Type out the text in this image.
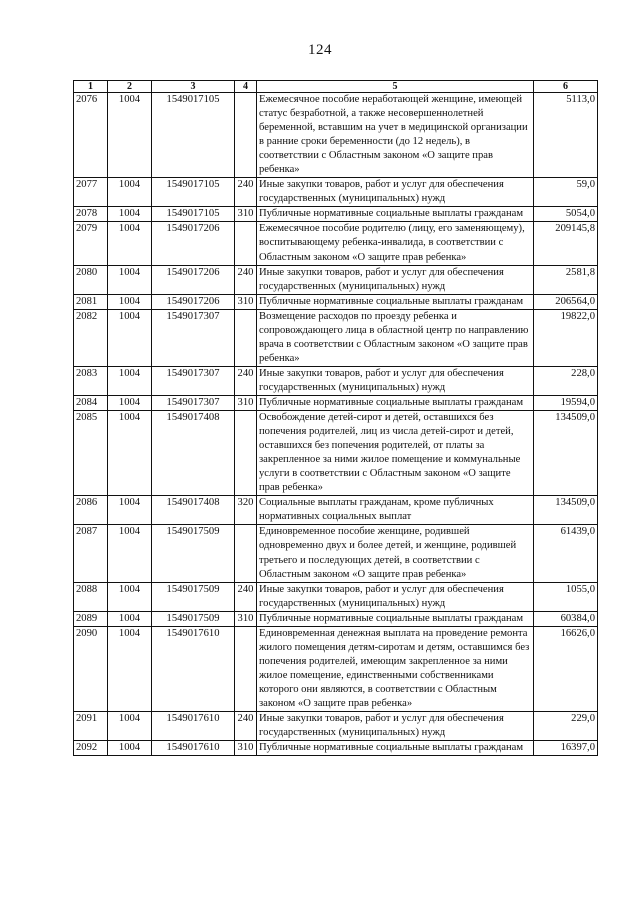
124
1	2	3	4	5	6
2076	1004	1549017105		Ежемесячное пособие неработающей женщине, имеющей статус безработной, а также несовершеннолетней беременной, вставшим на учет в медицинской организации в ранние сроки беременности (до 12 недель), в соответствии с Областным законом «О защите прав ребенка»	5113,0
2077	1004	1549017105	240	Иные закупки товаров, работ и услуг для обеспечения государственных (муниципальных) нужд	59,0
2078	1004	1549017105	310	Публичные нормативные социальные выплаты гражданам	5054,0
2079	1004	1549017206		Ежемесячное пособие родителю (лицу, его заменяющему), воспитывающему ребенка-инвалида, в соответствии с Областным законом «О защите прав ребенка»	209145,8
2080	1004	1549017206	240	Иные закупки товаров, работ и услуг для обеспечения государственных (муниципальных) нужд	2581,8
2081	1004	1549017206	310	Публичные нормативные социальные выплаты гражданам	206564,0
2082	1004	1549017307		Возмещение расходов по проезду ребенка и сопровождающего лица в областной центр по направлению врача в соответствии с Областным законом «О защите прав ребенка»	19822,0
2083	1004	1549017307	240	Иные закупки товаров, работ и услуг для обеспечения государственных (муниципальных) нужд	228,0
2084	1004	1549017307	310	Публичные нормативные социальные выплаты гражданам	19594,0
2085	1004	1549017408		Освобождение детей-сирот и детей, оставшихся без попечения родителей, лиц из числа детей-сирот и детей, оставшихся без попечения родителей, от платы за закрепленное за ними жилое помещение и коммунальные услуги в соответствии с Областным законом «О защите прав ребенка»	134509,0
2086	1004	1549017408	320	Социальные выплаты гражданам, кроме публичных нормативных социальных выплат	134509,0
2087	1004	1549017509		Единовременное пособие женщине, родившей одновременно двух и более детей, и женщине, родившей третьего и последующих детей, в соответствии с Областным законом «О защите прав ребенка»	61439,0
2088	1004	1549017509	240	Иные закупки товаров, работ и услуг для обеспечения государственных (муниципальных) нужд	1055,0
2089	1004	1549017509	310	Публичные нормативные социальные выплаты гражданам	60384,0
2090	1004	1549017610		Единовременная денежная выплата на проведение ремонта жилого помещения детям-сиротам и детям, оставшимся без попечения родителей, имеющим закрепленное за ними жилое помещение, единственными собственниками которого они являются, в соответствии с Областным законом «О защите прав ребенка»	16626,0
2091	1004	1549017610	240	Иные закупки товаров, работ и услуг для обеспечения государственных (муниципальных) нужд	229,0
2092	1004	1549017610	310	Публичные нормативные социальные выплаты гражданам	16397,0
